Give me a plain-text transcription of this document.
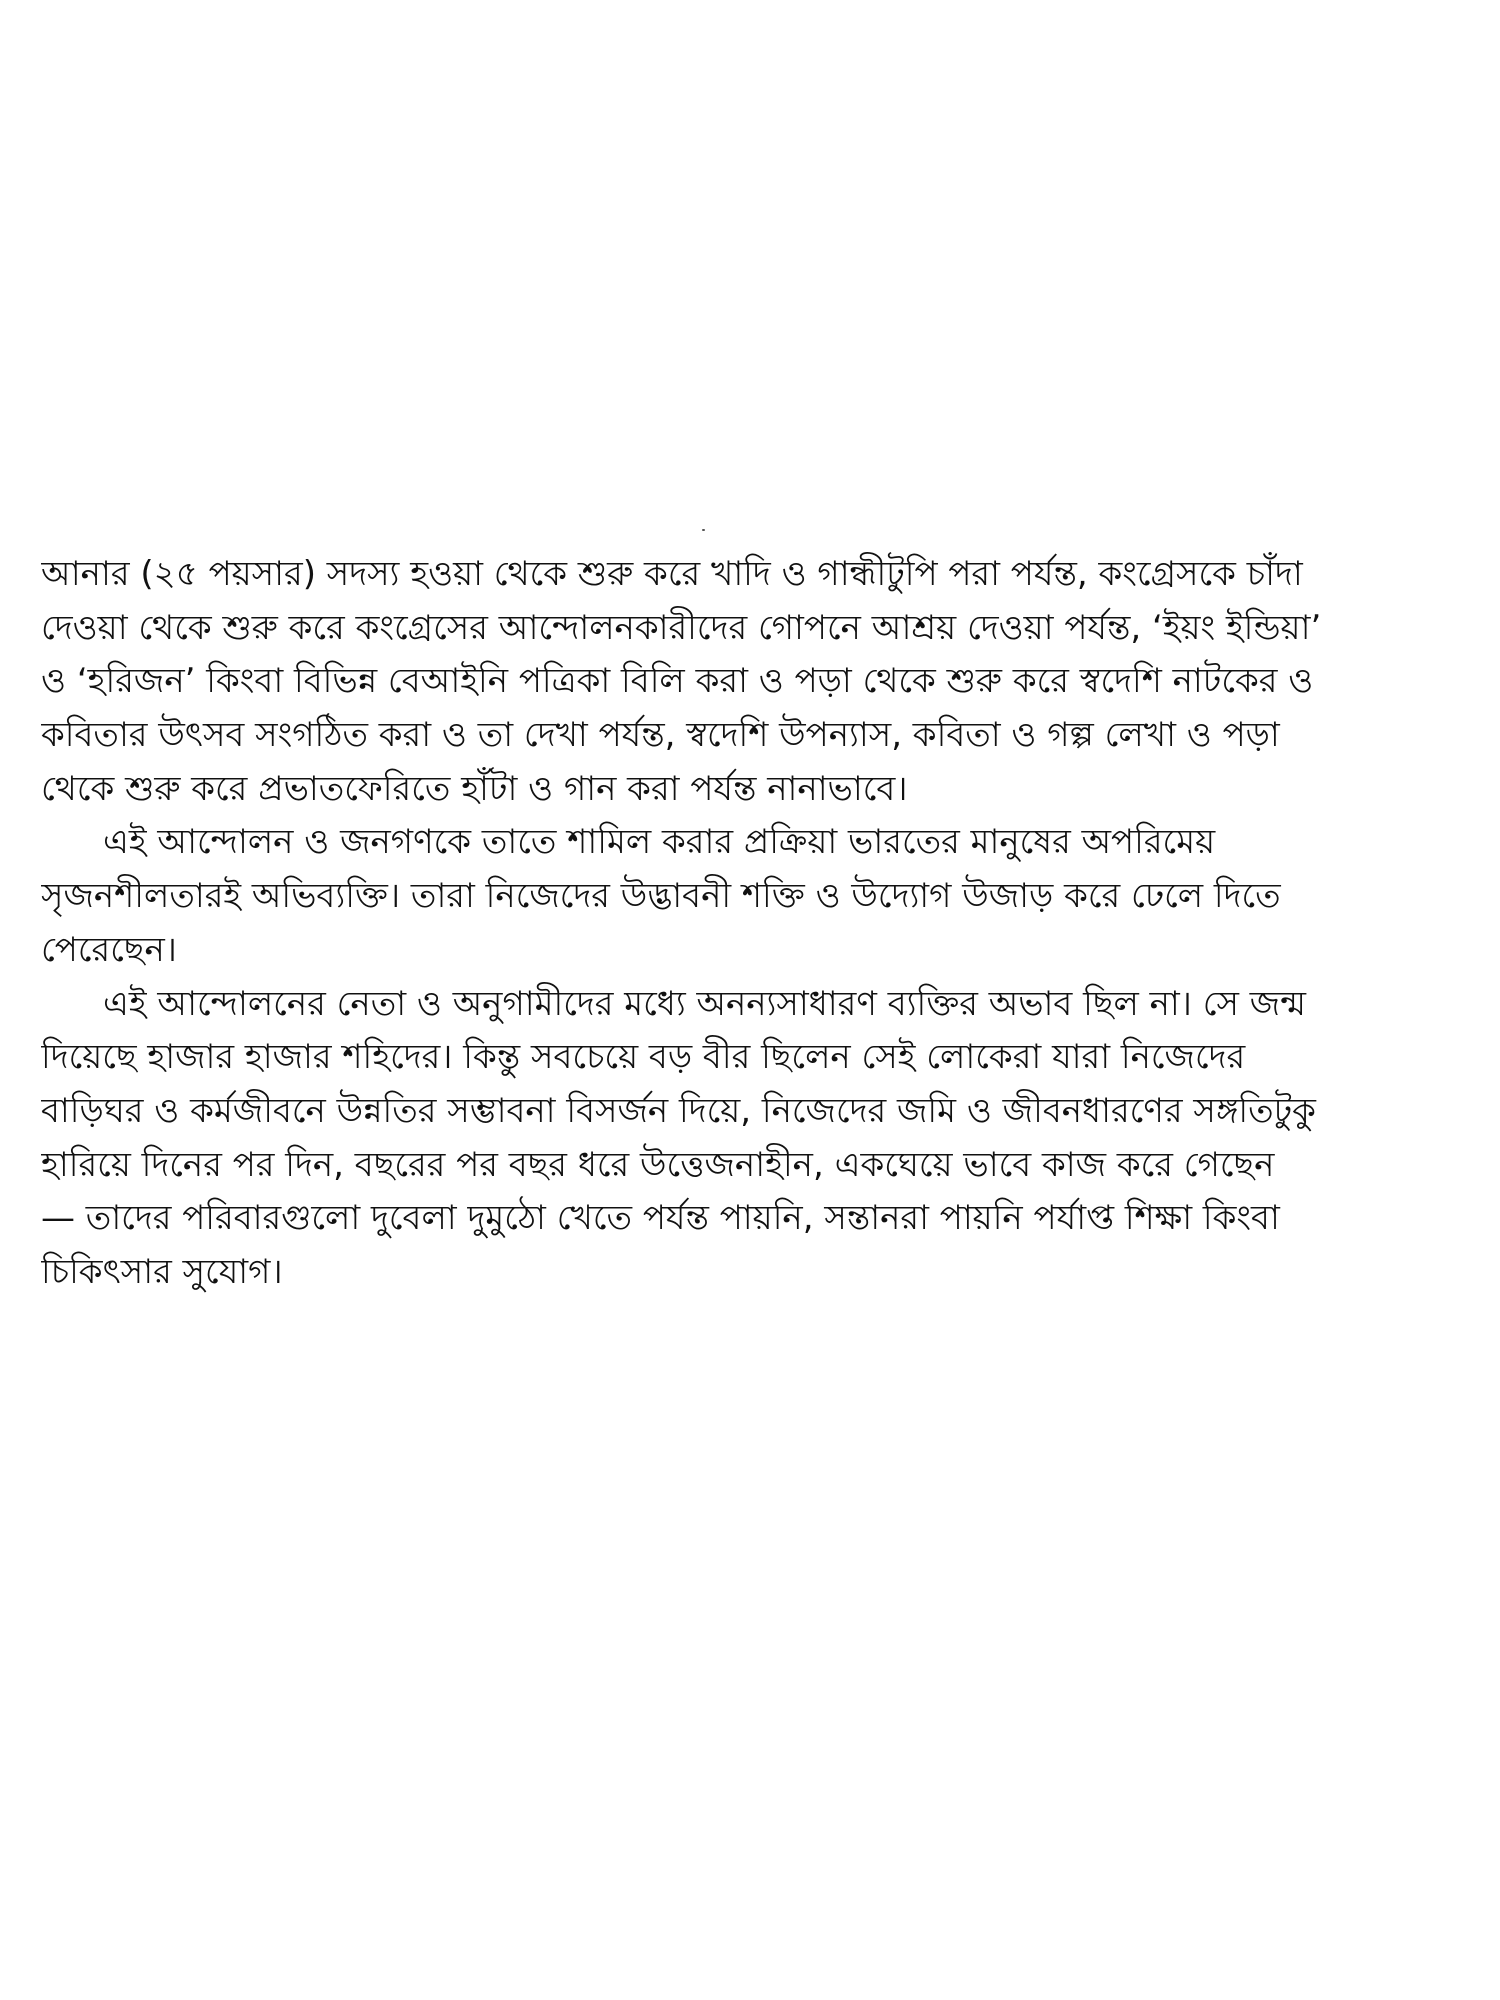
আনার (২৫ পয়সার) সদস্য হওয়া থেকে শুরু করে খাদি ও গান্ধীটুপি পরা পর্যন্ত, কংগ্রেসকে চাঁদা
দেওয়া থেকে শুরু করে কংগ্রেসের আন্দোলনকারীদের গোপনে আশ্রয় দেওয়া পর্যন্ত, ‘ইয়ং ইন্ডিয়া’
ও ‘হরিজন’ কিংবা বিভিন্ন বেআইনি পত্রিকা বিলি করা ও পড়া থেকে শুরু করে স্বদেশি নাটকের ও
কবিতার উৎসব সংগঠিত করা ও তা দেখা পর্যন্ত, স্বদেশি উপন্যাস, কবিতা ও গল্প লেখা ও পড়া
থেকে শুরু করে প্রভাতফেরিতে হাঁটা ও গান করা পর্যন্ত নানাভাবে।
এই আন্দোলন ও জনগণকে তাতে শামিল করার প্রক্রিয়া ভারতের মানুষের অপরিমেয়
সৃজনশীলতারই অভিব্যক্তি। তারা নিজেদের উদ্ভাবনী শক্তি ও উদ্যোগ উজাড় করে ঢেলে দিতে
পেরেছেন।
এই আন্দোলনের নেতা ও অনুগামীদের মধ্যে অনন্যসাধারণ ব্যক্তির অভাব ছিল না। সে জন্ম
দিয়েছে হাজার হাজার শহিদের। কিন্তু সবচেয়ে বড় বীর ছিলেন সেই লোকেরা যারা নিজেদের
বাড়িঘর ও কর্মজীবনে উন্নতির সম্ভাবনা বিসর্জন দিয়ে, নিজেদের জমি ও জীবনধারণের সঙ্গতিটুকু
হারিয়ে দিনের পর দিন, বছরের পর বছর ধরে উত্তেজনাহীন, একঘেয়ে ভাবে কাজ করে গেছেন
— তাদের পরিবারগুলো দুবেলা দুমুঠো খেতে পর্যন্ত পায়নি, সন্তানরা পায়নি পর্যাপ্ত শিক্ষা কিংবা
চিকিৎসার সুযোগ।
